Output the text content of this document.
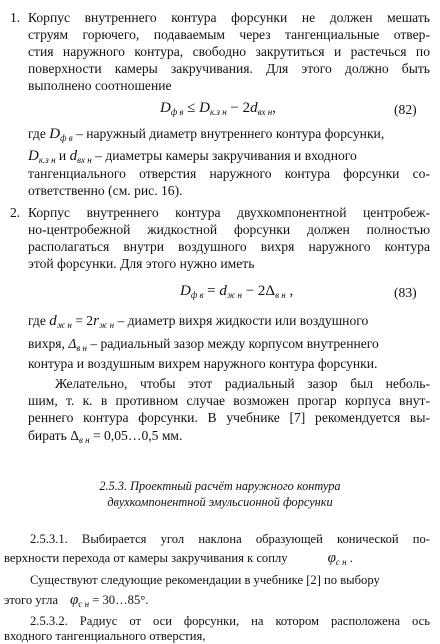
1. Корпус внутреннего контура форсунки не должен мешать
струям горючего, подаваемым через тангенциальные отвер-
стия наружного контура, свободно закрутиться и растечься по
поверхности камеры закручивания. Для этого должно быть
выполнено соотношение
$D_{ф в} \le D_{к.з н} - 2d_{вх н}$,	(82)
где $D_{ф в}$ – наружный диаметр внутреннего контура форсунки,
$D_{к.з н}$ и $d_{вх н}$ – диаметры камеры закручивания и входного
тангенциального отверстия наружного контура форсунки со-
ответственно (см. рис. 16).
2. Корпус внутреннего контура двухкомпонентной центробеж-
но-центробежной жидкостной форсунки должен полностью
располагаться внутри воздушного вихря наружного контура
этой форсунки. Для этого нужно иметь
$D_{ф в} = d_{ж н} - 2\Delta_{в н}$ ,	(83)
где $d_{ж н} = 2r_{ж н}$ – диаметр вихря жидкости или воздушного
вихря, $\Delta_{в н}$ – радиальный зазор между корпусом внутреннего
контура и воздушным вихрем наружного контура форсунки.
Желательно, чтобы этот радиальный зазор был неболь-
шим, т. к. в противном случае возможен прогар корпуса внут-
реннего контура форсунки. В учебнике [7] рекомендуется вы-
бирать $\Delta_{в н}$ = 0,05…0,5 мм.
2.5.3. Проектный расчёт наружного контура
двухкомпонентной эмульсионной форсунки
2.5.3.1. Выбирается угол наклона образующей конической по-
верхности перехода от камеры закручивания к соплу	$\varphi_{с н}$ .
Существуют следующие рекомендации в учебнике [2] по выбору
этого угла $\varphi_{с н}$ = 30…85°.
2.5.3.2. Радиус от оси форсунки, на котором расположена ось
входного тангенциального отверстия,
